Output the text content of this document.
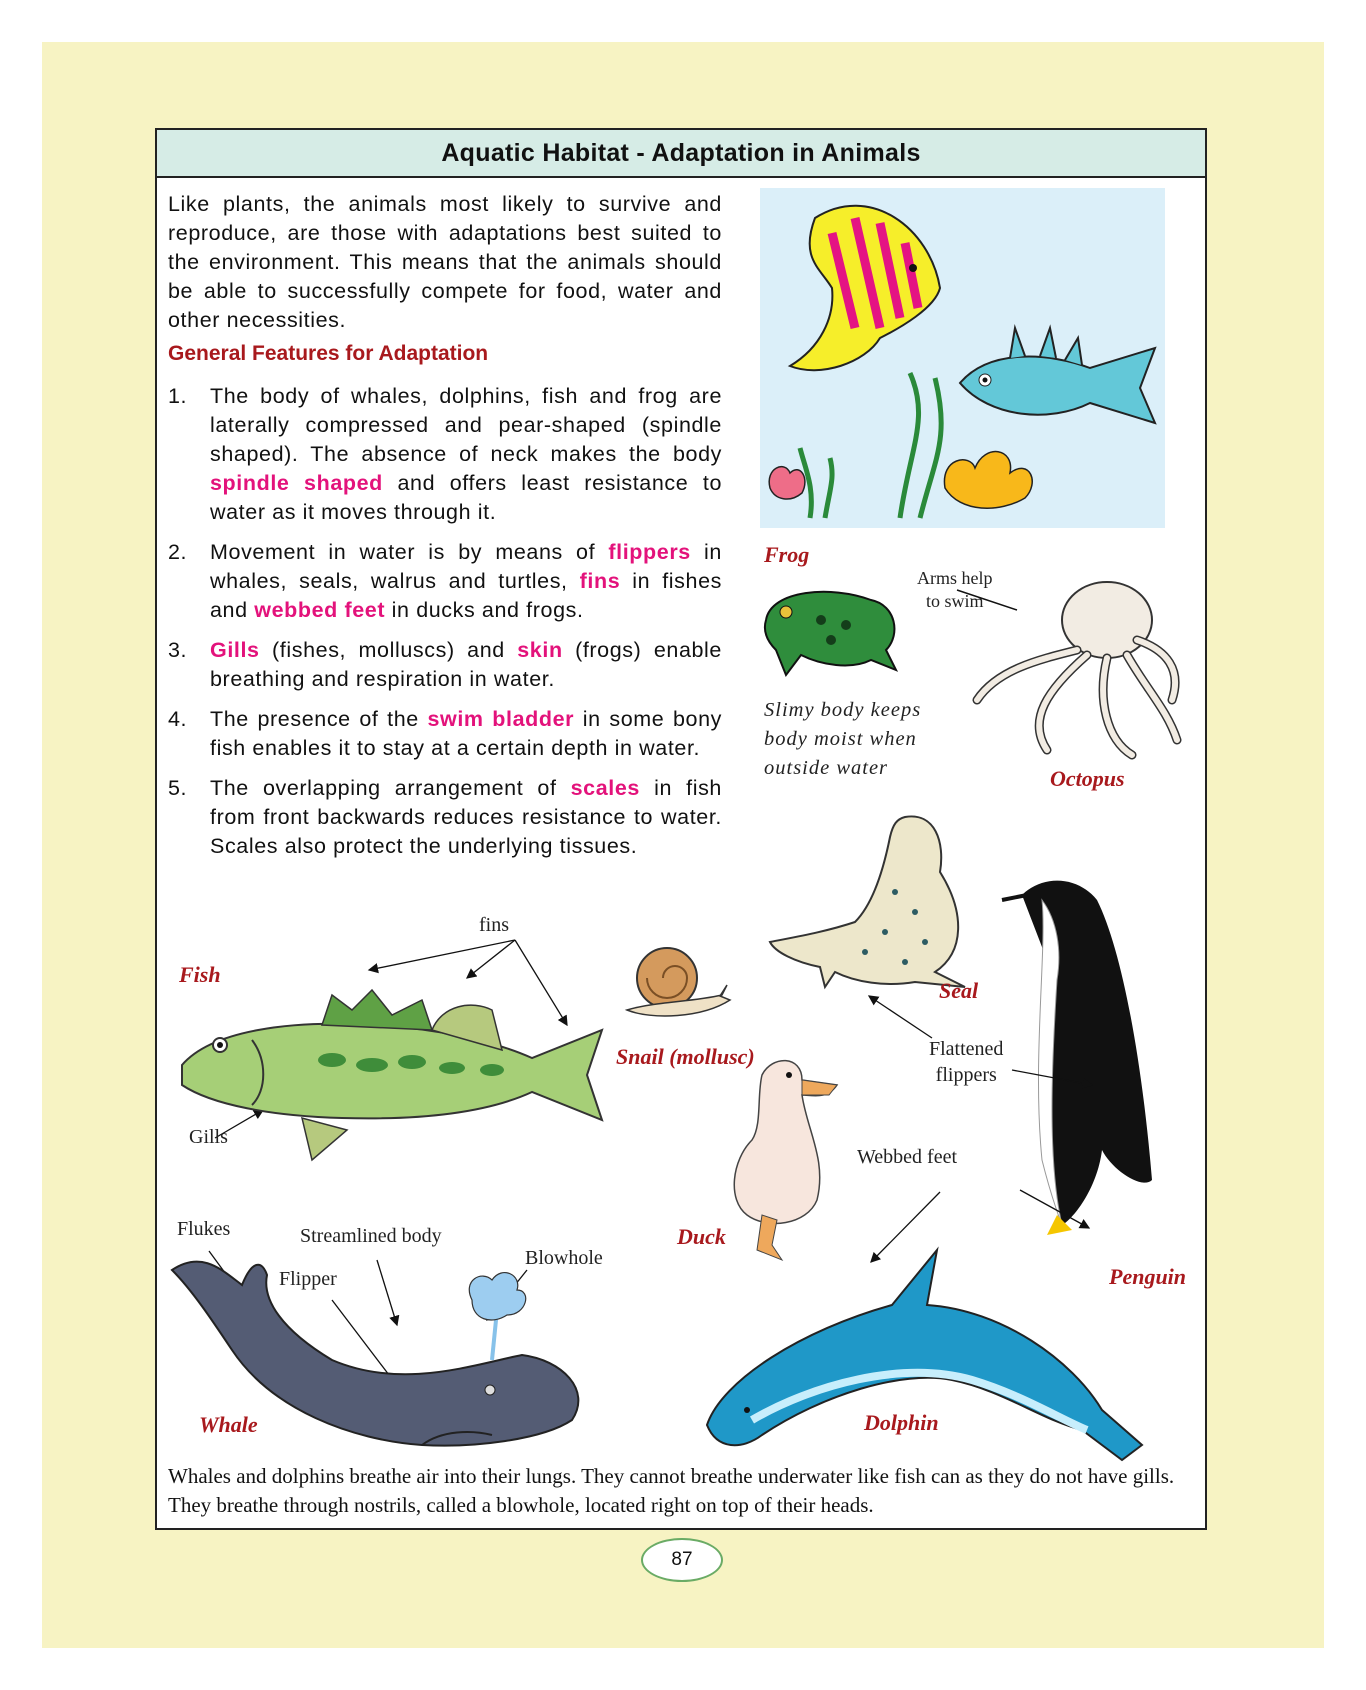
Aquatic Habitat - Adaptation in Animals
Like plants, the animals most likely to survive and reproduce, are those with adaptations best suited to the environment. This means that the animals should be able to successfully compete for food, water and other necessities.
General Features for Adaptation
1. The body of whales, dolphins, fish and frog are laterally compressed and pear-shaped (spindle shaped). The absence of neck makes the body spindle shaped and offers least resistance to water as it moves through it.
2. Movement in water is by means of flippers in whales, seals, walrus and turtles, fins in fishes and webbed feet in ducks and frogs.
3. Gills (fishes, molluscs) and skin (frogs) enable breathing and respiration in water.
4. The presence of the swim bladder in some bony fish enables it to stay at a certain depth in water.
5. The overlapping arrangement of scales in fish from front backwards reduces resistance to water. Scales also protect the underlying tissues.
Frog
Slimy body keeps
body moist when
outside water
Arms help
to swim
Octopus
Seal
Penguin
Flattened
flippers
fins
Fish
Gills
Snail (mollusc)
Webbed feet
Duck
Flukes	Streamlined body
Blowhole
Flipper
Whale	Dolphin
Whales and dolphins breathe air into their lungs. They cannot breathe underwater like fish can as they do not have gills. They breathe through nostrils, called a blowhole, located right on top of their heads.
87
